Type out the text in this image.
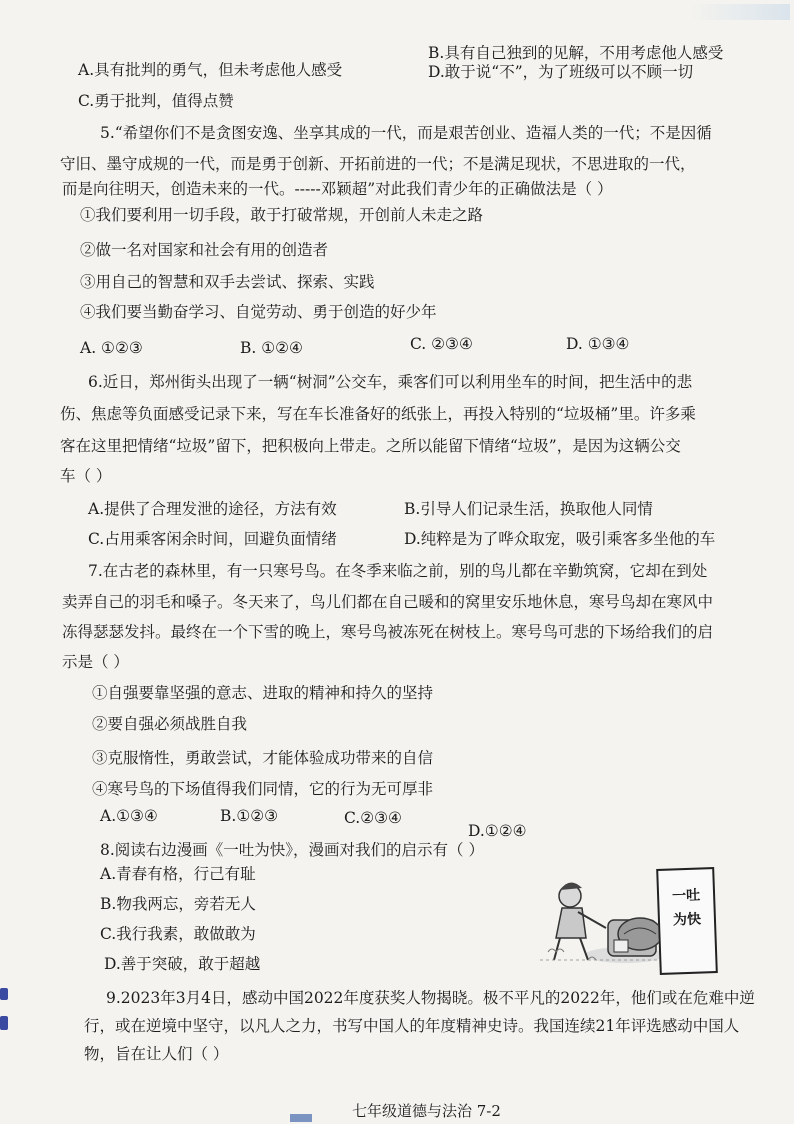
A.具有批判的勇气，但未考虑他人感受
B.具有自己独到的见解，不用考虑他人感受
C.勇于批判，值得点赞
D.敢于说“不”，为了班级可以不顾一切
5.“希望你们不是贪图安逸、坐享其成的一代，而是艰苦创业、造福人类的一代；不是因循
守旧、墨守成规的一代，而是勇于创新、开拓前进的一代；不是满足现状，不思进取的一代，
而是向往明天，创造未来的一代。-----邓颖超”对此我们青少年的正确做法是（ ）
①我们要利用一切手段，敢于打破常规，开创前人未走之路
②做一名对国家和社会有用的创造者
③用自己的智慧和双手去尝试、探索、实践
④我们要当勤奋学习、自觉劳动、勇于创造的好少年
A. ①②③	B. ①②④	C. ②③④	D. ①③④
6.近日，郑州街头出现了一辆“树洞”公交车，乘客们可以利用坐车的时间，把生活中的悲
伤、焦虑等负面感受记录下来，写在车长准备好的纸张上，再投入特别的“垃圾桶”里。许多乘
客在这里把情绪“垃圾”留下，把积极向上带走。之所以能留下情绪“垃圾”，是因为这辆公交
车（ ）
A.提供了合理发泄的途径，方法有效	B.引导人们记录生活，换取他人同情
C.占用乘客闲余时间，回避负面情绪	D.纯粹是为了哗众取宠，吸引乘客多坐他的车
7.在古老的森林里，有一只寒号鸟。在冬季来临之前，别的鸟儿都在辛勤筑窝，它却在到处
卖弄自己的羽毛和嗓子。冬天来了，鸟儿们都在自己暖和的窝里安乐地休息，寒号鸟却在寒风中
冻得瑟瑟发抖。最终在一个下雪的晚上，寒号鸟被冻死在树枝上。寒号鸟可悲的下场给我们的启
示是（ ）
①自强要靠坚强的意志、进取的精神和持久的坚持
②要自强必须战胜自我
③克服惰性，勇敢尝试，才能体验成功带来的自信
④寒号鸟的下场值得我们同情，它的行为无可厚非
A.①③④	B.①②③	C.②③④
D.①②④
8.阅读右边漫画《一吐为快》，漫画对我们的启示有（ ）
A.青春有格，行己有耻
B.物我两忘，旁若无人
C.我行我素，敢做敢为
D.善于突破，敢于超越
一吐
为快
9.2023年3月4日，感动中国2022年度获奖人物揭晓。极不平凡的2022年，他们或在危难中逆
行，或在逆境中坚守，以凡人之力，书写中国人的年度精神史诗。我国连续21年评选感动中国人
物，旨在让人们（ ）
七年级道德与法治 7-2
